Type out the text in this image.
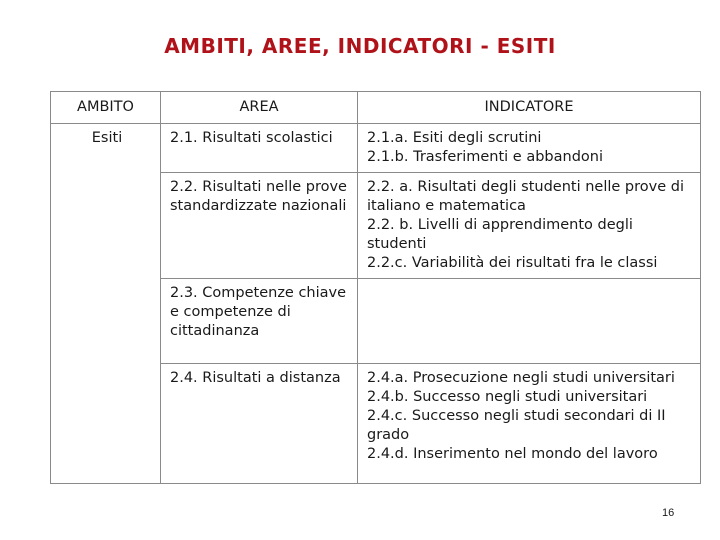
AMBITI, AREE, INDICATORI - ESITI
AMBITO	AREA	INDICATORE
Esiti	2.1. Risultati scolastici	2.1.a. Esiti degli scrutini
2.1.b. Trasferimenti e abbandoni

	2.2. Risultati nelle prove standardizzate nazionali	2.2. a. Risultati degli studenti nelle prove di italiano e matematica
2.2. b. Livelli di apprendimento degli studenti
2.2.c. Variabilità dei risultati fra le classi

	2.3. Competenze chiave e competenze di cittadinanza	
	2.4. Risultati a distanza	2.4.a. Prosecuzione negli studi universitari
2.4.b. Successo negli studi universitari
2.4.c. Successo negli studi secondari di II grado
2.4.d. Inserimento nel mondo del lavoro
16
